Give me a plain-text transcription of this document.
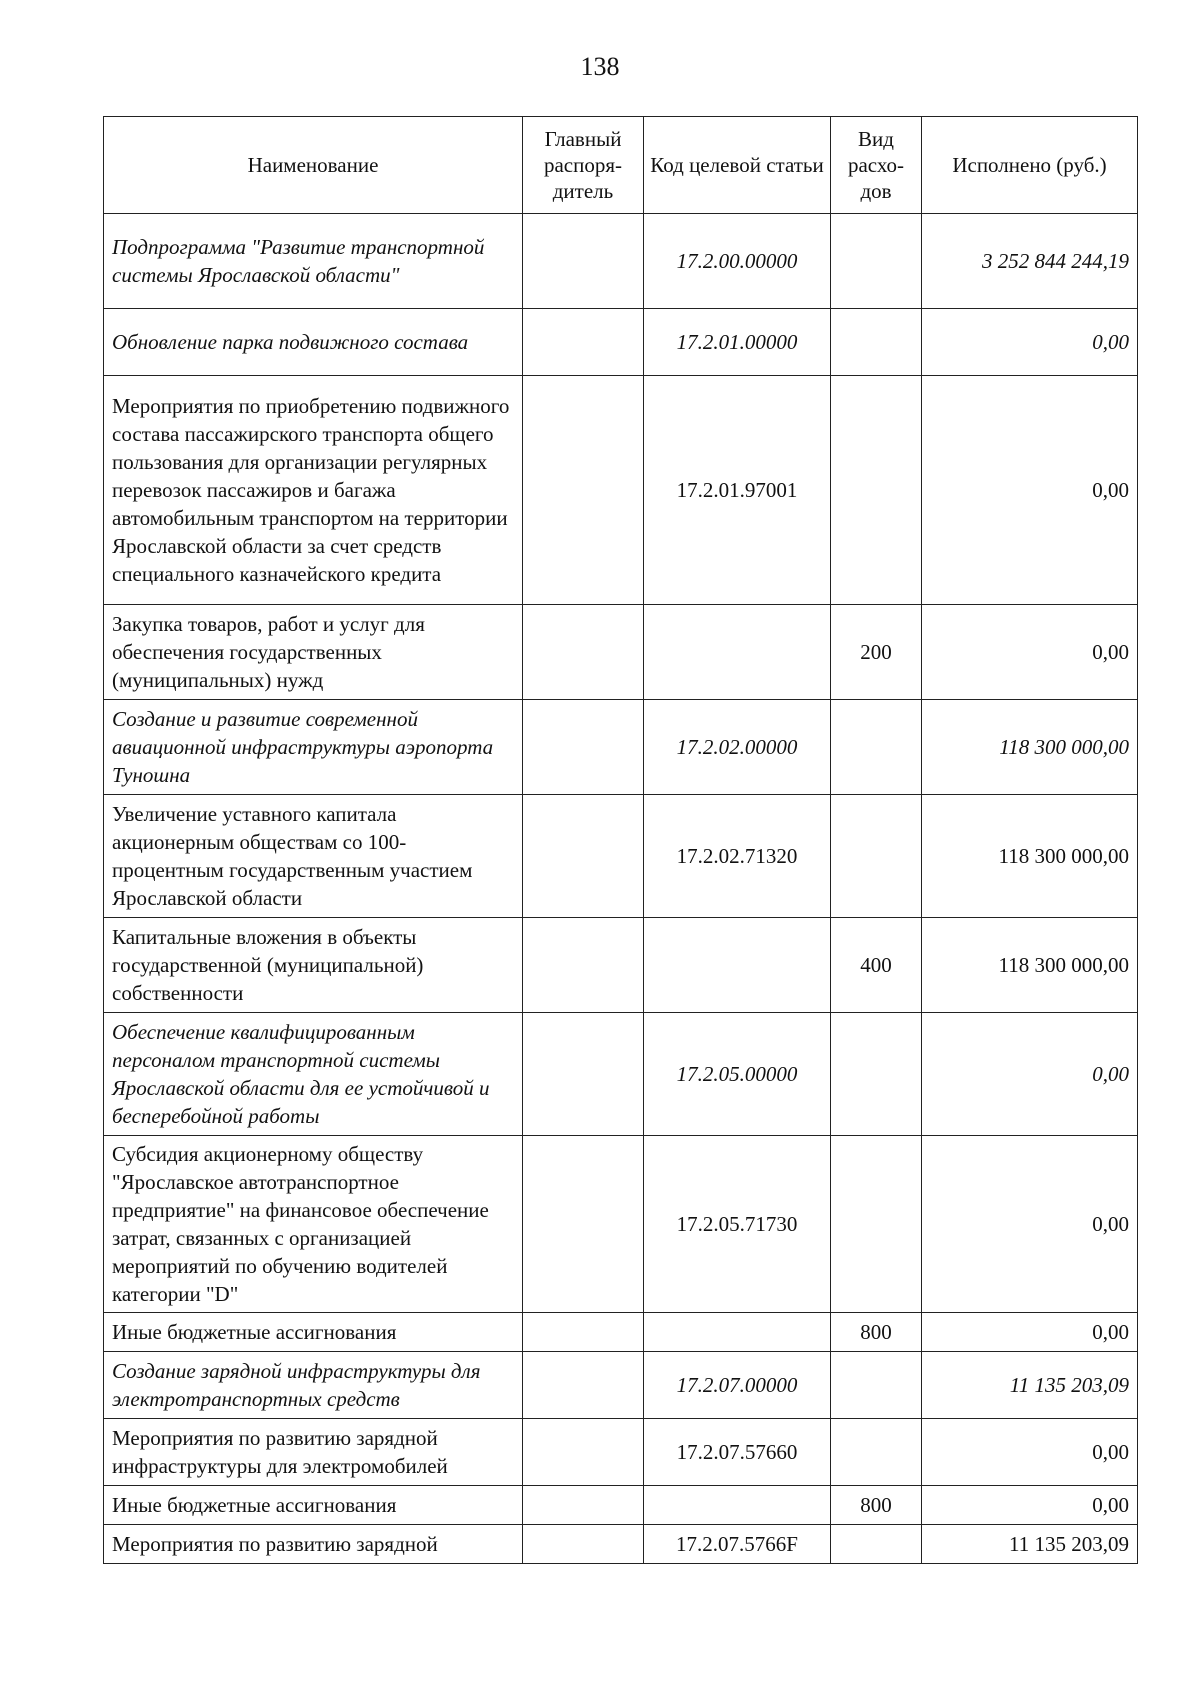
138
Наименование	Главный распоря-дитель	Код целевой статьи	Вид расхо-дов	Исполнено (руб.)
Подпрограмма "Развитие транспортной системы Ярославской области"		17.2.00.00000		3 252 844 244,19
Обновление парка подвижного состава		17.2.01.00000		0,00
Мероприятия по приобретению подвижного состава пассажирского транспорта общего пользования для организации регулярных перевозок пассажиров и багажа автомобильным транспортом на территории Ярославской области за счет средств специального казначейского кредита		17.2.01.97001		0,00
Закупка товаров, работ и услуг для обеспечения государственных (муниципальных) нужд			200	0,00
Создание и развитие современной авиационной инфраструктуры аэропорта Туношна		17.2.02.00000		118 300 000,00
Увеличение уставного капитала акционерным обществам со 100-процентным государственным участием Ярославской области		17.2.02.71320		118 300 000,00
Капитальные вложения в объекты государственной (муниципальной) собственности			400	118 300 000,00
Обеспечение квалифицированным персоналом транспортной системы Ярославской области для ее устойчивой и бесперебойной работы		17.2.05.00000		0,00
Субсидия акционерному обществу "Ярославское автотранспортное предприятие" на финансовое обеспечение затрат, связанных с организацией мероприятий по обучению водителей категории "D"		17.2.05.71730		0,00
Иные бюджетные ассигнования			800	0,00
Создание зарядной инфраструктуры для электротранспортных средств		17.2.07.00000		11 135 203,09
Мероприятия по развитию зарядной инфраструктуры для электромобилей		17.2.07.57660		0,00
Иные бюджетные ассигнования			800	0,00
Мероприятия по развитию зарядной		17.2.07.5766F		11 135 203,09
